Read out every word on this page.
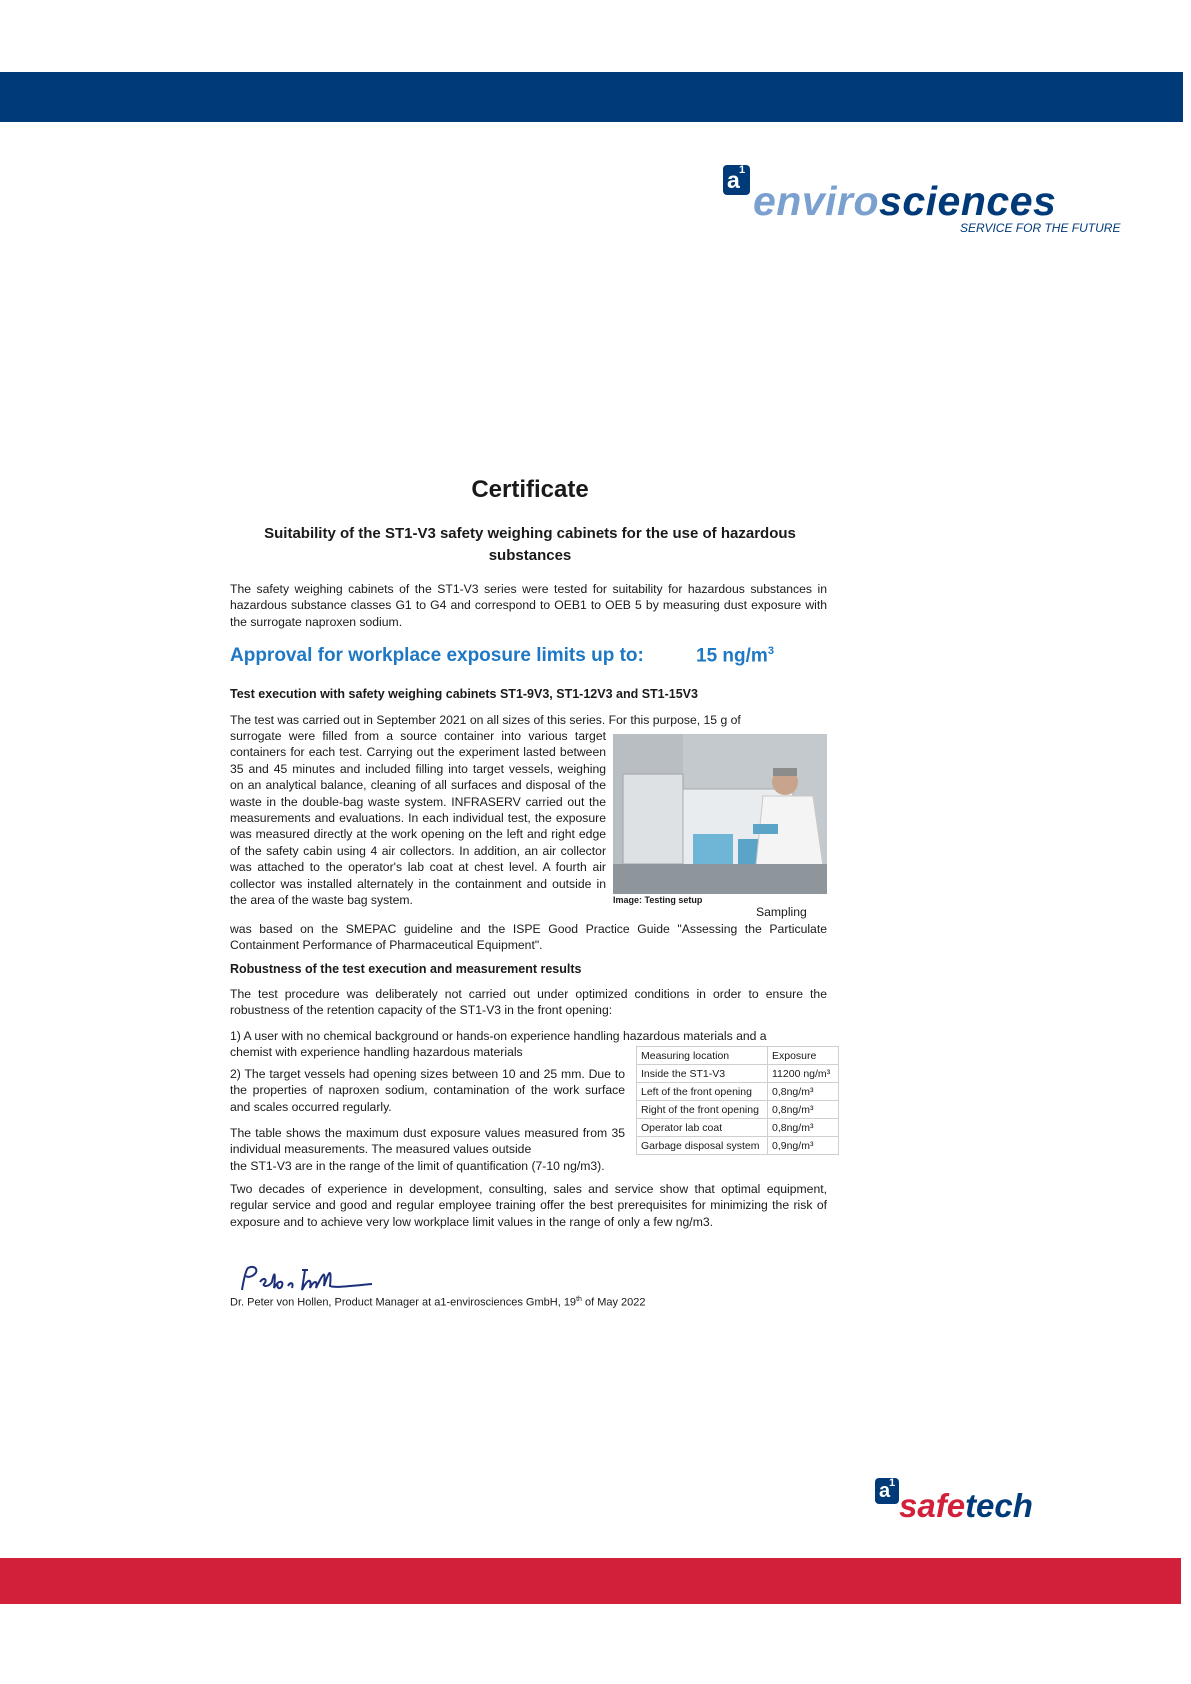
a 1
envirosciences
SERVICE FOR THE FUTURE
Certificate
Suitability of the ST1-V3 safety weighing cabinets for the use of hazardous substances

The safety weighing cabinets of the ST1-V3 series were tested for suitability for hazardous substances in hazardous substance classes G1 to G4 and correspond to OEB1 to OEB 5 by measuring dust exposure with the surrogate naproxen sodium.

Approval for workplace exposure limits up to:	15 $ng/m^3$
Test execution with safety weighing cabinets ST1-9V3, ST1-12V3 and ST1-15V3

The test was carried out in September 2021 on all sizes of this series. For this purpose, 15 g of

surrogate were filled from a source container into various target containers for each test. Carrying out the experiment lasted between 35 and 45 minutes and included filling into target vessels, weighing on an analytical balance, cleaning of all surfaces and disposal of the waste in the double-bag waste system. INFRASERV carried out the measurements and evaluations. In each individual test, the exposure was measured directly at the work opening on the left and right edge of the safety cabin using 4 air collectors. In addition, an air collector was attached to the operator's lab coat at chest level. A fourth air collector was installed alternately in the containment and outside in the area of the waste bag system.	Image: Testing setup
Sampling

was based on the SMEPAC guideline and the ISPE Good Practice Guide "Assessing the Particulate Containment Performance of Pharmaceutical Equipment".

Robustness of the test execution and measurement results

The test procedure was deliberately not carried out under optimized conditions in order to ensure the robustness of the retention capacity of the ST1-V3 in the front opening:

1) A user with no chemical background or hands-on experience handling hazardous materials and a

chemist with experience handling hazardous materials

2) The target vessels had opening sizes between 10 and 25 mm. Due to the properties of naproxen sodium, contamination of the work surface and scales occurred regularly.

The table shows the maximum dust exposure values measured from 35 individual measurements. The measured values outside

the ST1-V3 are in the range of the limit of quantification (7-10 ng/m3).

Measuring location	Exposure
Inside the ST1-V3	11200 ng/m³
Left of the front opening	0,8ng/m³
Right of the front opening	0,8ng/m³
Operator lab coat	0,8ng/m³
Garbage disposal system	0,9ng/m³

Two decades of experience in development, consulting, sales and service show that optimal equipment, regular service and good and regular employee training offer the best prerequisites for minimizing the risk of exposure and to achieve very low workplace limit values in the range of only a few ng/m3.

Dr. Peter von Hollen, Product Manager at a1-envirosciences GmbH, 19th of May 2022
a
1
safetech
